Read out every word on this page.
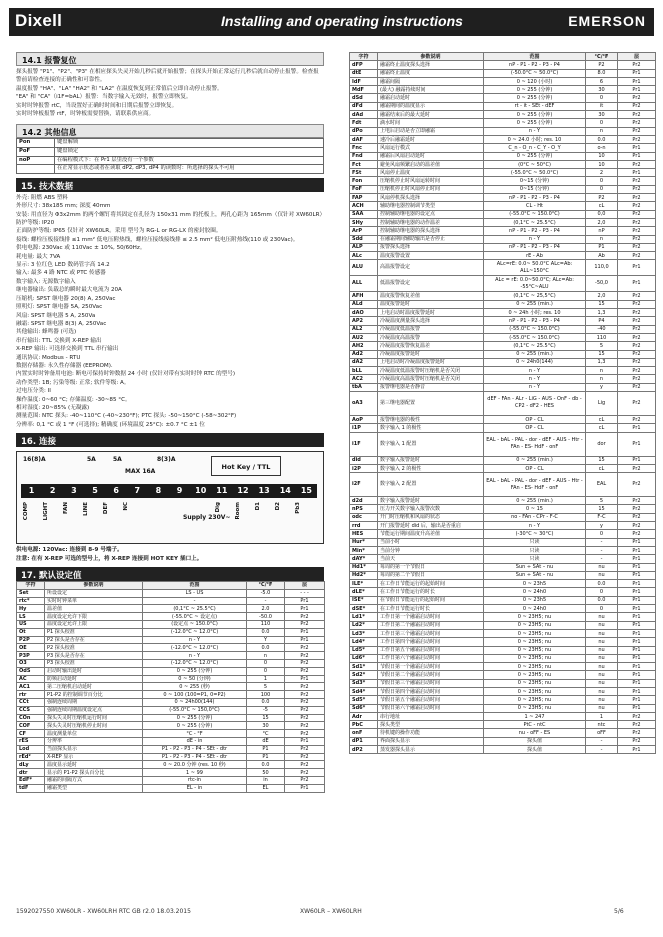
Dixell	Installing and operating instructions	EMERSON
14.1 报警复位
探头报警 "P1"、"P2"、"P3" 在相应探头失灵开始几秒后就开始报警；在探头开始正常运行几秒后就自动停止报警。检查报警前请检查连接的正确性和可靠性。
温度报警 "HA"、"LA" "HA2" 和 "LA2" 在温度恢复到正常值后立即自动停止报警。
"EA" 和 "CA"（i1F=bAL）报警：当数字输入无效时，报警立即恢复。
实时时钟报警 rtC，当设置好正确时时间和日期后报警立即恢复。
实时时钟板报警 rtF，时钟板需要替换，请联系供应商。
14.2 其他信息
Pon	键盘解锁
PoF	键盘锁定
noP	在编程模式下：在 Pr1 层里没有一个参数
	在正常显示状态或者在读取 dP2, dP3, dP4 的读数时：所选择的探头不可用
15. 技术数据
外壳: 阻燃 ABS 塑料
外形尺寸: 38x185 mm; 深度 40mm
安装: 用直径为 Φ3x2mm 的两个螺钉将其固定在孔径为 150x31 mm 的托板上，两孔心距为 165mm（仅针对 XW60LR）
防护等级: IP20
正面防护等级: IP65 仅针对 XW60LR。采用 型号为 RG-L or RG-LX 的密封胶圈。
接线: 螺栓压板接线排 ≤1 mm² 低电压附热线，螺栓压接线接线排 ≤ 2.5 mm² 低电压附热线(110 或 230Vac)。
供电电源: 230Vac 或 110Vac ± 10%, 50/60Hz。
耗电量: 最大 7VA
显示: 3 位红色 LED 数码管字高 14.2
输入: 最多 4 路 NTC 或 PTC 传感器
数字输入: 无源数字输入
继电器输出: 负载总的瞬时最大电流为 20A
压缩机: SPST 继电器 20(8) A, 250Vac
照明灯: SPST 继电器 5A, 250Vac
风扇: SPST 继电器 5 A, 250Va
融霜: SPST 继电器 8(3) A, 250Vac
其他输出: 蜂鸣器 (可选)
串行输出: TTL 交换到 X-REP 输出
X-REP 输出: 可选择交换到 TTL 串行输出
通讯协议: Modbus - RTU
数据存储器: 永久性存储器 (EEPROM).
内置实时时钟备用电池: 断电可保持时钟数据 24 小时 (仅针对带有实时时钟 RTC 的型号)
动作类型: 1B; 污染等级: 正常; 软件等级: A。
过电压分类: II
操作温度: 0~60 °C; 存储温度: -30~85 °C。
相对湿度: 20~85% (无凝露)
测量范围: NTC 探头: -40~110°C (-40~230°F); PTC 探头: -50~150°C (-58~302°F)
分辨率: 0,1 °C 或 1 °F (可选择); 精确度 (环境温度 25°C): ±0.7 °C ±1 位
16. 连接
16(8)A	5A	5A	8(3)A
MAX 16A
Hot Key / TTL
1	2	3	5	6	7	8	9	10	11	12	13	14	15
COMP	LIGHT	FAN	LINE	DEF	NC	Dig	Room	D1	D2	Pb3
Supply 230V~
供电电源: 120Vac: 连接到 8-9 号端子。
注意: 在有 X-REP 可选的型号上，将 X-REP 连接到 HOT KEY 插口上。
17. 默认设定值
字符	参数说明	范围	°C/°F	层
Set	所设设定	LS - US	-5.0	- - -
rtc*	实时时钟菜单	-	-	Pr1
Hy	温差值	(0,1°C ~ 25.5°C)	2.0	Pr1
LS	温度设定允许下限	(-55.0°C ~ 设定点)	-50.0	Pr2
US	温度设定允许上限	(设定点 ~ 150.0°C)	110	Pr2
Ot	P1 探头校准	(-12.0°C ~ 12.0°C)	0.0	Pr1
P2P	P2 探头是否存在	n - Y	Y	Pr1
OE	P2 探头校准	(-12.0°C ~ 12.0°C)	0.0	Pr2
P3P	P3 探头是否存在	n - Y	n	Pr2
O3	P3 探头校准	(-12.0°C ~ 12.0°C)	0	Pr2
OdS	启动时输出延时	0 ~ 255 (分钟)	0	Pr2
AC	防频启动延时	0 ~ 50 (分钟)	1	Pr1
AC1	第二压缩机启动延时	0 ~ 255 (秒)	5	Pr2
rtr	P1-P2 的控制调节百分比	0 ~ 100 (100=P1, 0=P2)	100	Pr2
CCt	强制连续周期	0 ~ 24h00(144)	0.0	Pr2
CCS	强制连续周期温度设定点	(-55.0°C ~ 150,0°C)	-5	Pr2
COn	探头失灵时压缩机运行时间	0 ~ 255 (分钟)	15	Pr2
COF	探头失灵时压缩机停止时间	0 ~ 255 (分钟)	30	Pr2
CF	温度测量单位	°C - °F	°C	Pr2
rES	分辨率	dE - in	dE	Pr1
Lod	当前探头显示	P1 - P2 - P3 - P4 - SEt - dtr	P1	Pr2
rEd²	X-REP 显示	P1 - P2 - P3 - P4 - SEt - dtr	P1	Pr2
dLy	温度显示延时	0 ~ 20.0 分钟 (res. 10 秒)	0.0	Pr2
dtr	显示的 P1-P2 探头百分比	1 ~ 99	50	Pr2
EdF*	融霜的间隔方式	rtc-in	in	Pr2
tdF	融霜类型	EL - in	EL	Pr1
字符	参数说明	范围	°C/°F	层
dFP	融霜终止温度探头选择	nP - P1 - P2 - P3 - P4	P2	Pr2
dtE	融霜终止温度	(-50.0°C ~ 50.0°C)	8.0	Pr1
IdF	融霜间隔	0 ~ 120 (小时)	6	Pr1
MdF	(最大) 融霜持续时间	0 ~ 255 (分钟)	30	Pr1
dSd	融霜启动延时	0 ~ 255 (分钟)	0	Pr2
dFd	融霜期间的温度显示	rt - it - SEt - dEF	it	Pr2
dAd	融霜结束后的最大延时	0 ~ 255 (分钟)	30	Pr2
Fdt	滴水时间	0 ~ 255 (分钟)	0	Pr2
dPo	上电后启动是否立即融霜	n - Y	n	Pr2
dAF	速冷后融霜延时	0 ~ 24.0 小时; res. 10	0.0	Pr2
Fnc	风扇运行模式	C_n - O_n - C_Y - O_Y	o-n	Pr1
Fnd	融霜后风扇启动延时	0 ~ 255 (分钟)	10	Pr1
Fct	避免风扇频繁启动的温差值	(0°C ~ 50°C)	10	Pr2
FSt	风扇停止温度	(-55.0°C ~ 50.0°C)	2	Pr1
Fon	压缩机停止时风扇运转时间	0~15 (分钟)	0	Pr2
FoF	压缩机停止时风扇停止时间	0~15 (分钟)	0	Pr2
FAP	风扇停机探头选择	nP - P1 - P2 - P3 - P4	P2	Pr2
ACH	辅助继电器控制调节类型	CL - Ht	cL	Pr2
SAA	控制辅助继电器的设定点	(-55.0°C ~ 150.0°C)	0,0	Pr2
SHy	控制辅助继电器的动作温差	(0,1°C ~ 25.5°C)	2,0	Pr2
ArP	控制辅助继电器的探头选择	nP - P1 - P2 - P3 - P4	nP	Pr2
Sdd	在融霜期间辅助输出是否停止	n - Y	n	Pr2
ALP	报警探头选择	nP - P1 - P2 - P3 - P4	P1	Pr2
ALc	温度报警设置	rE - Ab	Ab	Pr2
ALU	高温报警设定	ALc=rE: 0.0~ 50.0°C ALc=Ab: ALL~150°C	110,0	Pr1
ALL	低温报警设定	ALc = rE: 0.0~50.0°C; ALc=Ab: -55°C~ALU	-50,0	Pr1
AFH	温度报警恢复差值	(0,1°C ~ 25,5°C)	2,0	Pr2
ALd	温度报警延时	0 ~ 255 (min.)	15	Pr2
dAO	上电启动时温度报警延时	0 ~ 24h 小时; res. 10	1,3	Pr2
AP2	冷凝温度测量探头选择	nP - P1 - P2 - P3 - P4	P4	Pr2
AL2	冷凝温度低温报警	(-55.0°C ~ 150.0°C)	-40	Pr2
AU2	冷凝温度高温报警	(-55.0°C ~ 150.0°C)	110	Pr2
AH2	冷凝温度报警恢复温差	(0,1°C ~ 25.5°C)	5	Pr2
Ad2	冷凝温度报警延时	0 ~ 255 (min.)	15	Pr2
dA2	上电启动时冷凝温度报警延时	0 ~ 24h0(144)	1,3	Pr2
bLL	冷凝温度低温报警时压缩机是否关闭	n - Y	n	Pr2
AC2	冷凝温度高温报警时压缩机是否关闭	n - Y	n	Pr2
tbA	报警继电器是否静音	n - Y	y	Pr2
oA3	第三继电器配置	dEF - FAn - ALr - LiG - AUS - OnF - db - CP2 - dF2 - HES	Lig	Pr2
AoP	报警继电器的极性	OP - CL	cL	Pr2
i1P	数字输入 1 的极性	OP - CL	cL	Pr1
i1F	数字输入 1 配置	EAL - bAL - PAL - dor - dEF - AUS - Htr - FAn - ES- HdF - onF	dor	Pr1
did	数字输入报警延时	0 ~ 255 (min.)	15	Pr1
i2P	数字输入 2 的极性	OP - CL	cL	Pr2
i2F	数字输入 2 配置	EAL - bAL - PAL - dor - dEF - AUS - Htr - FAn - ES- HdF - onF	EAL	Pr2
d2d	数字输入报警延时	0 ~ 255 (min.)	5	Pr2
nPS	压力开关数字输入报警次数	0 ~ 15	15	Pr2
odc	开门时压缩机和风扇的状态	no - FAn - CPr - F-C	F-C	Pr2
rrd	开门报警延时 did 后，输出是否重启	n - Y	y	Pr2
HES	节能运行期间温度升高差值	(-30°C ~ 30°C)	0	Pr2
Hur*	当前小时	只读	-	Pr1
Min*	当前分钟	只读	-	Pr1
dAY*	当前天	只读	-	Pr1
Hd1*	每周的第一个节假日	Sun ÷ SAt – nu	nu	Pr1
Hd2*	每周的第二个节假日	Sun ÷ SAt – nu	nu	Pr1
ILE*	在工作日节能运行的起始时间	0 ~ 23h5	0.0	Pr1
dLE*	在工作日节能运行的时长	0 ~ 24h0	0	Pr1
ISE*	在节假日节能运行的起始时间	0 ~ 23h5	0.0	Pr1
dSE*	在工作日节能运行时长	0 ~ 24h0	0	Pr1
Ld1*	工作日第一个融霜启动时间	0 ~ 23H5; nu	nu	Pr1
Ld2*	工作日第二个融霜启动时间	0 ~ 23H5; nu	nu	Pr1
Ld3*	工作日第三个融霜启动时间	0 ~ 23H5; nu	nu	Pr1
Ld4*	工作日第四个融霜启动时间	0 ~ 23H5; nu	nu	Pr1
Ld5*	工作日第五个融霜启动时间	0 ~ 23H5; nu	nu	Pr1
Ld6*	工作日第六个融霜启动时间	0 ~ 23H5; nu	nu	Pr1
Sd1*	节假日第一个融霜启动时间	0 ~ 23H5; nu	nu	Pr1
Sd2*	节假日第二个融霜启动时间	0 ~ 23H5; nu	nu	Pr1
Sd3*	节假日第三个融霜启动时间	0 ~ 23H5; nu	nu	Pr1
Sd4*	节假日第四个融霜启动时间	0 ~ 23H5; nu	nu	Pr1
Sd5*	节假日第五个融霜启动时间	0 ~ 23H5; nu	nu	Pr1
Sd6*	节假日第六个融霜启动时间	0 ~ 23H5; nu	nu	Pr1
Adr	串行地址	1 ~ 247	1	Pr2
PbC	探头类型	PtC - ntC	ntc	Pr2
onF	待机键的操作功能	nu - oFF - ES	oFF	Pr2
dP1	界面探头显示	探头值	-	Pr2
dP2	蒸发器探头显示	探头值	-	Pr1
1592027550 XW60LR - XW60LRH RTC GB r2.0 18.03.2015	XW60LR – XW60LRH	5/6
